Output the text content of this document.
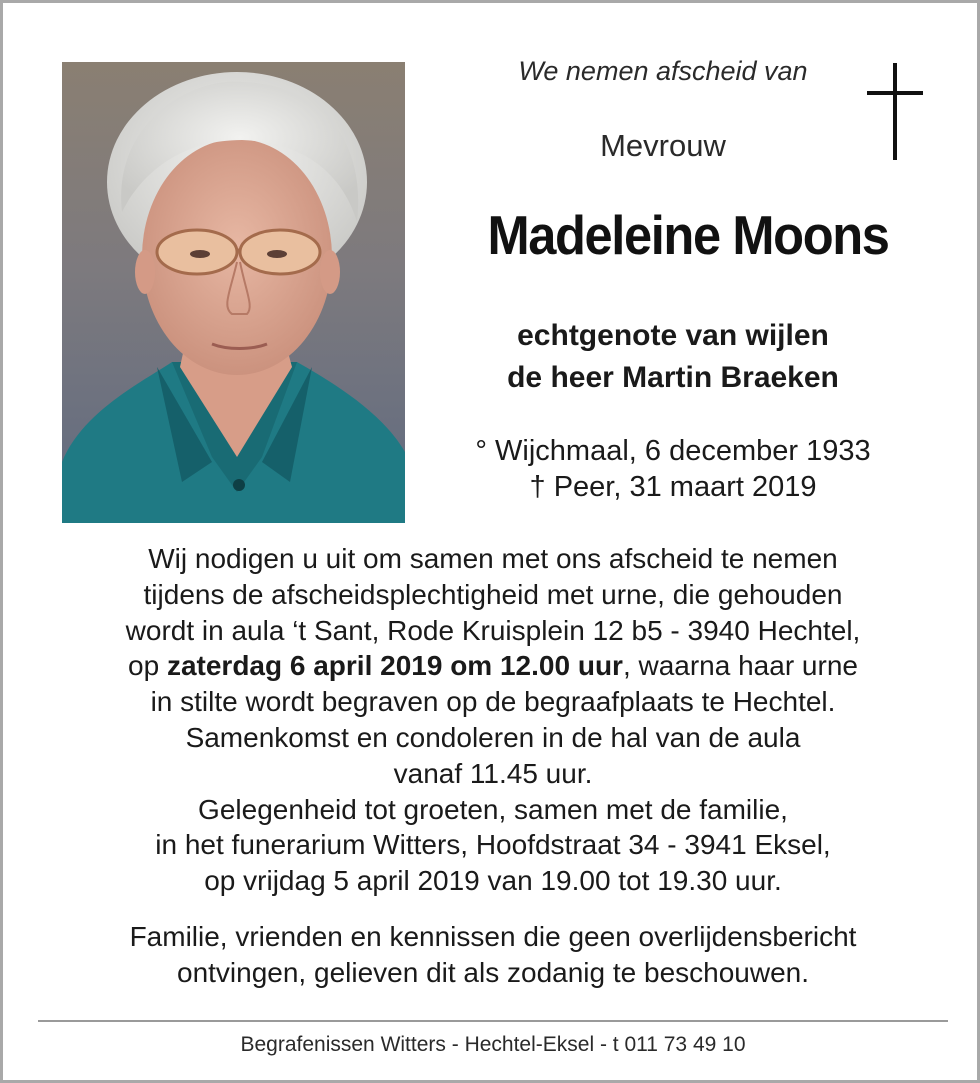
We nemen afscheid van
Mevrouw
Madeleine Moons
echtgenote van wijlen
de heer Martin Braeken
° Wijchmaal, 6 december 1933
† Peer, 31 maart 2019
Wij nodigen u uit om samen met ons afscheid te nemen
tijdens de afscheidsplechtigheid met urne, die gehouden
wordt in aula ‘t Sant, Rode Kruisplein 12 b5 - 3940 Hechtel,
op zaterdag 6 april 2019 om 12.00 uur, waarna haar urne
in stilte wordt begraven op de begraafplaats te Hechtel.
Samenkomst en condoleren in de hal van de aula
vanaf 11.45 uur.
Gelegenheid tot groeten, samen met de familie,
in het funerarium Witters, Hoofdstraat 34 - 3941 Eksel,
op vrijdag 5 april 2019 van 19.00 tot 19.30 uur.
Familie, vrienden en kennissen die geen overlijdensbericht
ontvingen, gelieven dit als zodanig te beschouwen.
Begrafenissen Witters - Hechtel-Eksel - t 011 73 49 10
